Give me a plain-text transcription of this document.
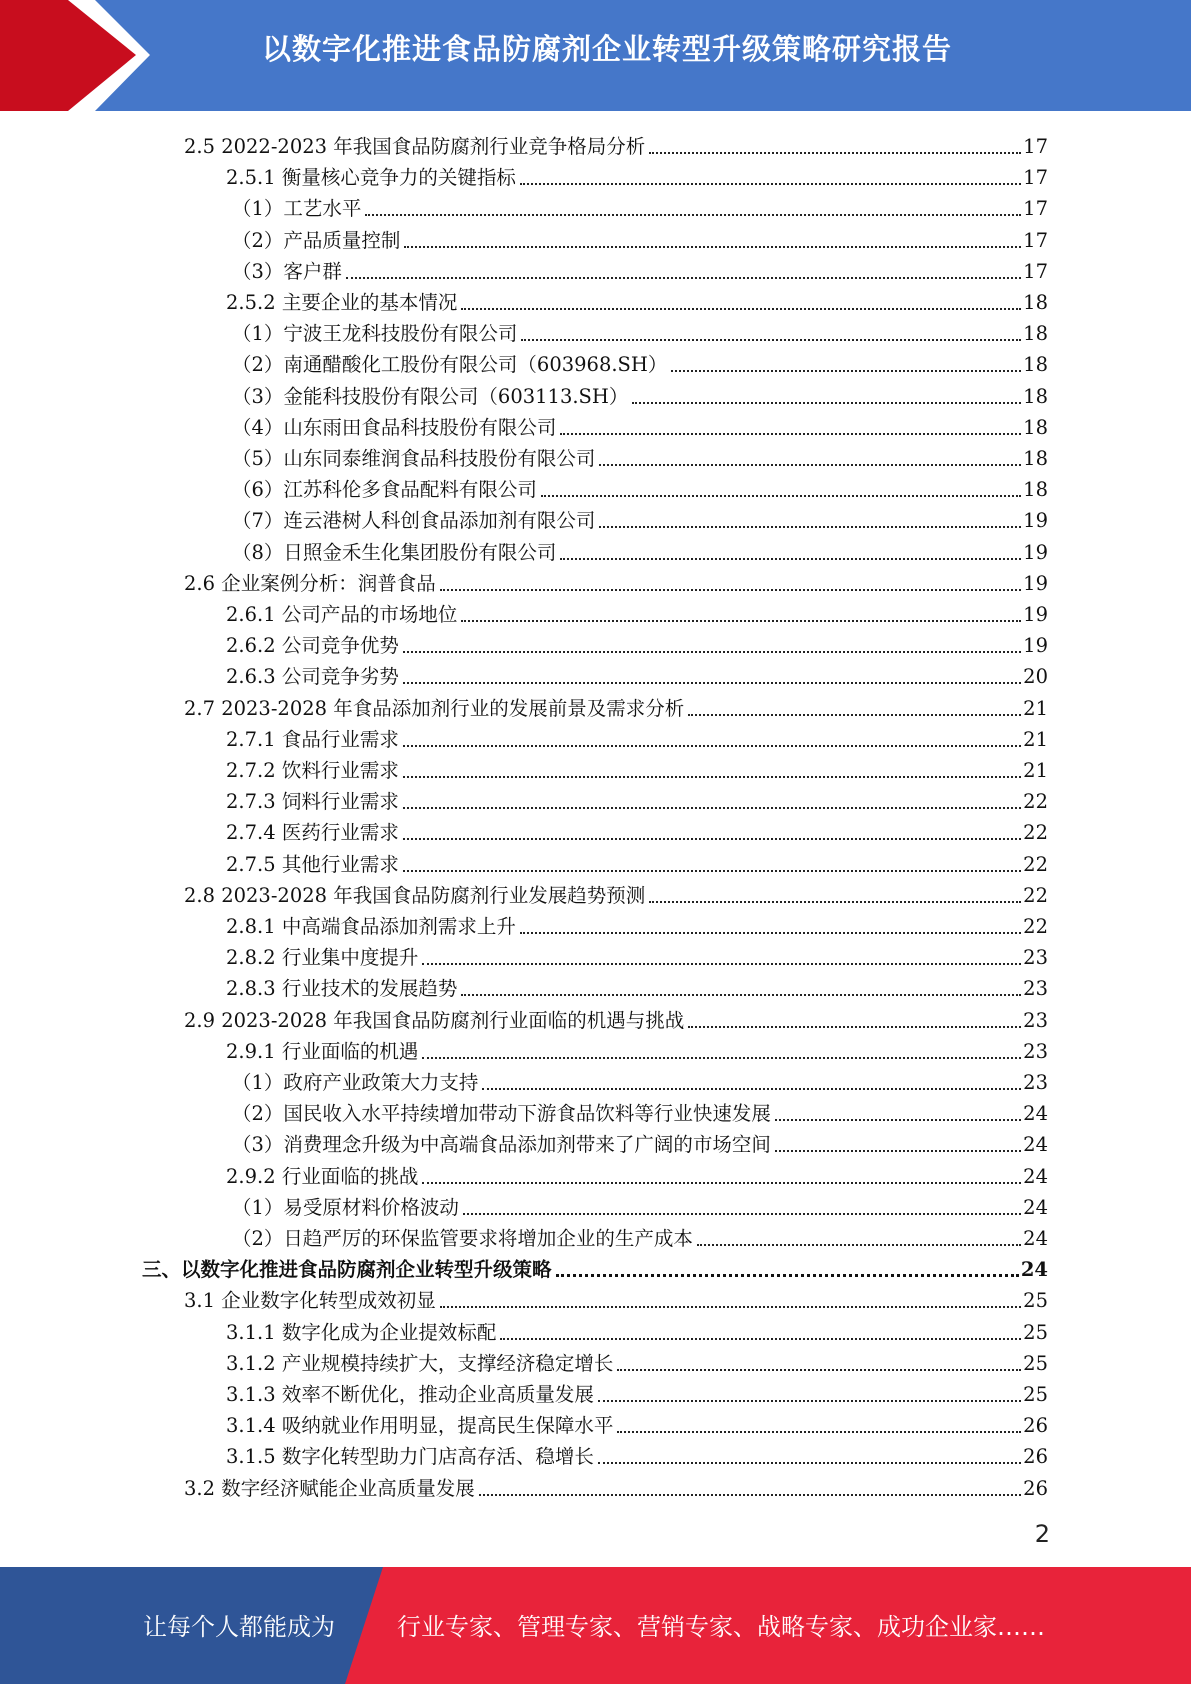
以数字化推进食品防腐剂企业转型升级策略研究报告
2.5 2022-2023 年我国食品防腐剂行业竞争格局分析	17
2.5.1 衡量核心竞争力的关键指标	17
（1）工艺水平	17
（2）产品质量控制	17
（3）客户群	17
2.5.2 主要企业的基本情况	18
（1）宁波王龙科技股份有限公司	18
（2）南通醋酸化工股份有限公司（603968.SH）	18
（3）金能科技股份有限公司（603113.SH）	18
（4）山东雨田食品科技股份有限公司	18
（5）山东同泰维润食品科技股份有限公司	18
（6）江苏科伦多食品配料有限公司	18
（7）连云港树人科创食品添加剂有限公司	19
（8）日照金禾生化集团股份有限公司	19
2.6 企业案例分析：润普食品	19
2.6.1 公司产品的市场地位	19
2.6.2 公司竞争优势	19
2.6.3 公司竞争劣势	20
2.7 2023-2028 年食品添加剂行业的发展前景及需求分析	21
2.7.1 食品行业需求	21
2.7.2 饮料行业需求	21
2.7.3 饲料行业需求	22
2.7.4 医药行业需求	22
2.7.5 其他行业需求	22
2.8 2023-2028 年我国食品防腐剂行业发展趋势预测	22
2.8.1 中高端食品添加剂需求上升	22
2.8.2 行业集中度提升	23
2.8.3 行业技术的发展趋势	23
2.9 2023-2028 年我国食品防腐剂行业面临的机遇与挑战	23
2.9.1 行业面临的机遇	23
（1）政府产业政策大力支持	23
（2）国民收入水平持续增加带动下游食品饮料等行业快速发展	24
（3）消费理念升级为中高端食品添加剂带来了广阔的市场空间	24
2.9.2 行业面临的挑战	24
（1）易受原材料价格波动	24
（2）日趋严厉的环保监管要求将增加企业的生产成本	24
三、以数字化推进食品防腐剂企业转型升级策略	24
3.1 企业数字化转型成效初显	25
3.1.1 数字化成为企业提效标配	25
3.1.2 产业规模持续扩大，支撑经济稳定增长	25
3.1.3 效率不断优化，推动企业高质量发展	25
3.1.4 吸纳就业作用明显，提高民生保障水平	26
3.1.5 数字化转型助力门店高存活、稳增长	26
3.2 数字经济赋能企业高质量发展	26
2
让每个人都能成为	行业专家、管理专家、营销专家、战略专家、成功企业家……
